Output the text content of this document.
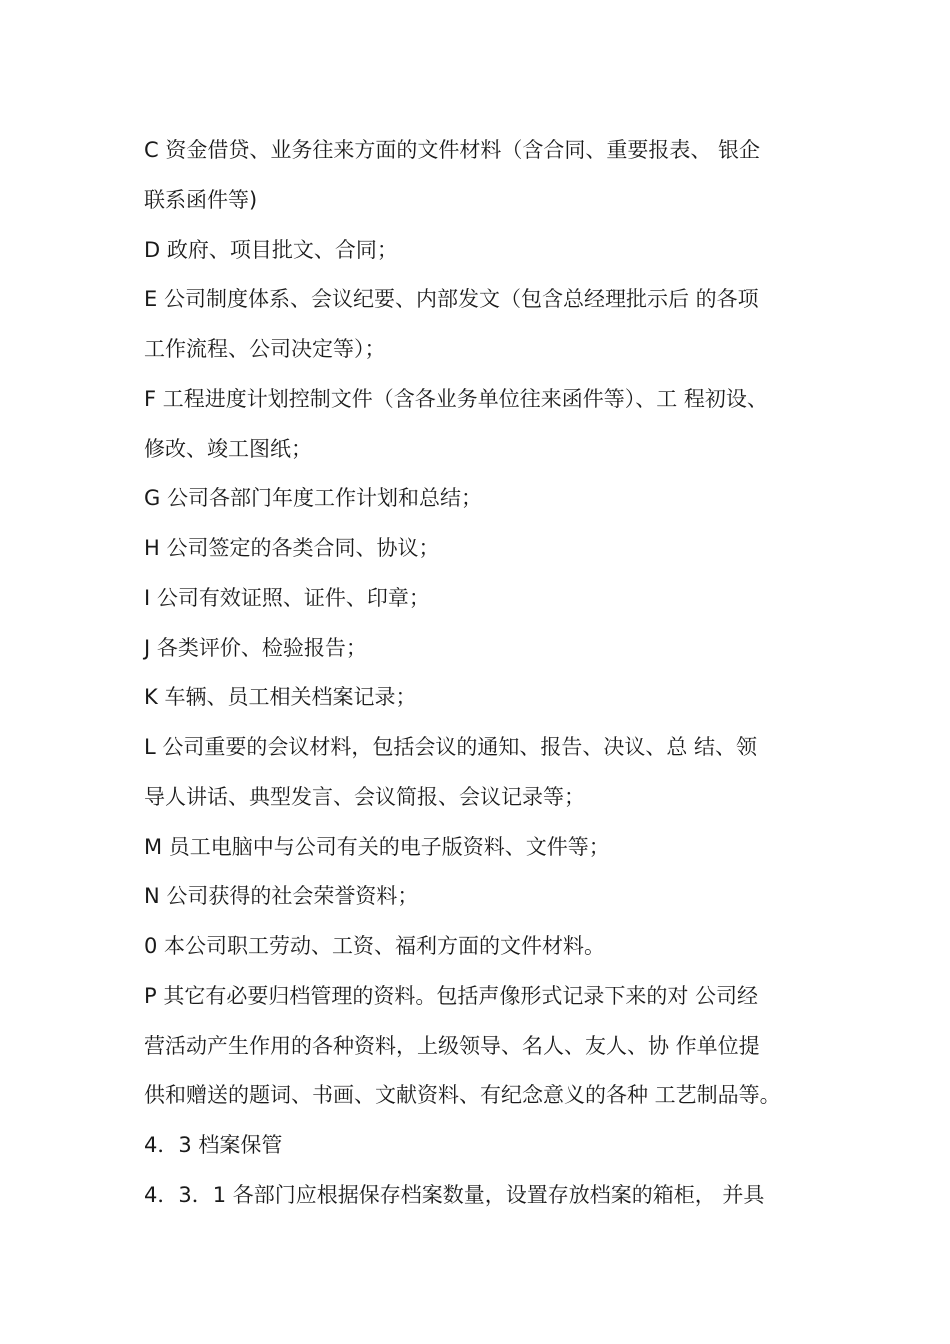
C 资金借贷、业务往来方面的文件材料（含合同、重要报表、 银企

联系函件等)

D 政府、项目批文、合同；

E 公司制度体系、会议纪要、内部发文（包含总经理批示后 的各项

工作流程、公司决定等）；

F 工程进度计划控制文件（含各业务单位往来函件等）、工 程初设、

修改、竣工图纸；

G 公司各部门年度工作计划和总结；

H 公司签定的各类合同、协议；

I 公司有效证照、证件、印章；

J 各类评价、检验报告；

K 车辆、员工相关档案记录；

L 公司重要的会议材料，包括会议的通知、报告、决议、总 结、领

导人讲话、典型发言、会议简报、会议记录等；

M 员工电脑中与公司有关的电子版资料、文件等；

N 公司获得的社会荣誉资料；

0 本公司职工劳动、工资、福利方面的文件材料。

P 其它有必要归档管理的资料。包括声像形式记录下来的对 公司经

营活动产生作用的各种资料，上级领导、名人、友人、协 作单位提

供和赠送的题词、书画、文献资料、有纪念意义的各种 工艺制品等。

4．3 档案保管

4．3．1 各部门应根据保存档案数量，设置存放档案的箱柜， 并具
